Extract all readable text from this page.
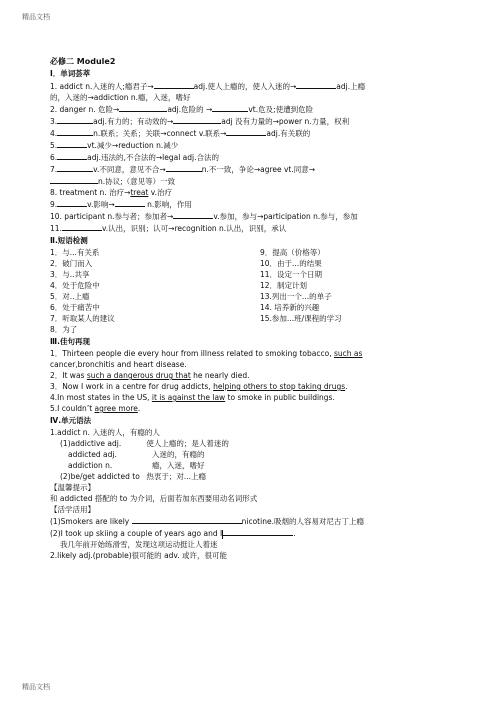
精品文档
必修二 Module2
Ⅰ．单词荟萃
1. addict n.入迷的人;瘾君子→	adj.使人上瘾的，使人入迷的→	adj.上瘾
的，入迷的→addiction n.瘾，入迷，嗜好
2. danger n. 危险→	adj.危险的 →	vt.危及;使遭到危险
3.	adj.有力的；有动效的→	adj 没有力量的→power n.力量，权利
4.	n.联系；关系；关联→connect v.联系→	adj.有关联的
5.	vt.减少→reduction n.减少
6.	adj.违法的,不合法的→legal adj.合法的
7.	v.不同意，意见不合→	n.不一致，争论→agree vt.同意→
n.协议;（意见等）一致
8. treatment n. 治疗→treat v.治疗
9.	v.影响→	n.影响，作用
10. participant n.参与者；参加者→	v.参加，参与→participation n.参与，参加
11.	v.认出，识别；认可→recognition n.认出，识别，承认
Ⅱ.短语检测
1．与...有关系
2．破门而入
3．与..共享
4．处于危险中
5．对..上瘾
6．处于痛苦中
7．听取某人的建议
8．为了
9．提高（价格等）
10．由于...的结果
11．设定一个日期
12．制定计划
13.列出一个...的单子
14. 培养新的兴趣
15.参加...班/课程的学习
Ⅲ.佳句再现
1．Thirteen people die every hour from illness related to smoking tobacco, such as
cancer,bronchitis and heart disease.
2．It was such a dangerous drug that he nearly died.
3．Now I work in a centre for drug addicts, helping others to stop taking drugs.
4.In most states in the US, it is against the law to smoke in public buildings.
5.I couldn’t agree more.
Ⅳ.单元语法
1.addict n. 入迷的人，有瘾的人
(1)addictive adj.	使人上瘾的；是人着迷的
addicted adj.	入迷的，有瘾的
addiction n.	瘾，入迷，嗜好
(2)be/get addicted to 热衷于；对...上瘾
【温馨提示】
和 addicted 搭配的 to 为介词，后面若加东西要用动名词形式
【活学活用】
(1)Smokers are likely	nicotine.吸烟的人容易对尼古丁上瘾
(2)I took up skiing a couple of years ago and I	.
我几年前开始练滑雪，发现这项运动挺让人着迷
2.likely adj.(probable)很可能的 adv. 或许，很可能
精品文档
